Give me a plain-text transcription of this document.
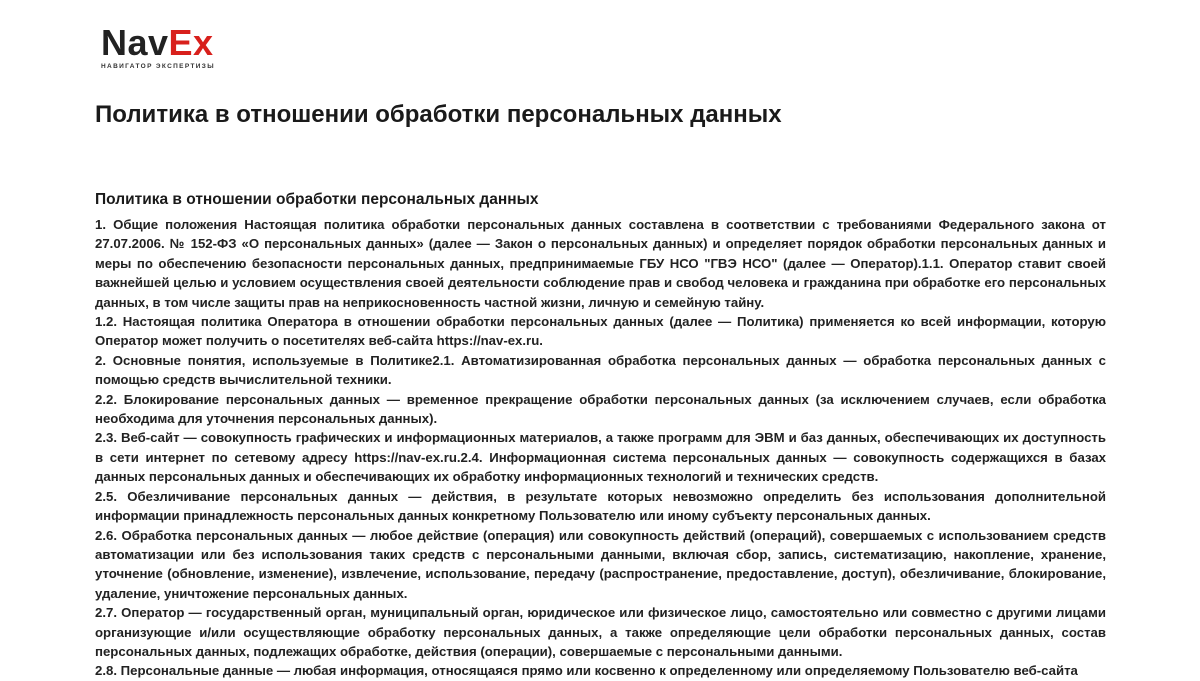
Nav Ex
НАВИГАТОР ЭКСПЕРТИЗЫ
Политика в отношении обработки персональных данных
Политика в отношении обработки персональных данных

1. Общие положения Настоящая политика обработки персональных данных составлена в соответствии с требованиями Федерального закона от 27.07.2006. № 152-ФЗ «О персональных данных» (далее — Закон о персональных данных) и определяет порядок обработки персональных данных и меры по обеспечению безопасности персональных данных, предпринимаемые ГБУ НСО "ГВЭ НСО" (далее — Оператор).1.1. Оператор ставит своей важнейшей целью и условием осуществления своей деятельности соблюдение прав и свобод человека и гражданина при обработке его персональных данных, в том числе защиты прав на неприкосновенность частной жизни, личную и семейную тайну.

1.2. Настоящая политика Оператора в отношении обработки персональных данных (далее — Политика) применяется ко всей информации, которую Оператор может получить о посетителях веб-сайта https://nav-ex.ru.

2. Основные понятия, используемые в Политике2.1. Автоматизированная обработка персональных данных — обработка персональных данных с помощью средств вычислительной техники.

2.2. Блокирование персональных данных — временное прекращение обработки персональных данных (за исключением случаев, если обработка необходима для уточнения персональных данных).

2.3. Веб-сайт — совокупность графических и информационных материалов, а также программ для ЭВМ и баз данных, обеспечивающих их доступность в сети интернет по сетевому адресу https://nav-ex.ru.2.4. Информационная система персональных данных — совокупность содержащихся в базах данных персональных данных и обеспечивающих их обработку информационных технологий и технических средств.

2.5. Обезличивание персональных данных — действия, в результате которых невозможно определить без использования дополнительной информации принадлежность персональных данных конкретному Пользователю или иному субъекту персональных данных.

2.6. Обработка персональных данных — любое действие (операция) или совокупность действий (операций), совершаемых с использованием средств автоматизации или без использования таких средств с персональными данными, включая сбор, запись, систематизацию, накопление, хранение, уточнение (обновление, изменение), извлечение, использование, передачу (распространение, предоставление, доступ), обезличивание, блокирование, удаление, уничтожение персональных данных.

2.7. Оператор — государственный орган, муниципальный орган, юридическое или физическое лицо, самостоятельно или совместно с другими лицами организующие и/или осуществляющие обработку персональных данных, а также определяющие цели обработки персональных данных, состав персональных данных, подлежащих обработке, действия (операции), совершаемые с персональными данными.

2.8. Персональные данные — любая информация, относящаяся прямо или косвенно к определенному или определяемому Пользователю веб-сайта
